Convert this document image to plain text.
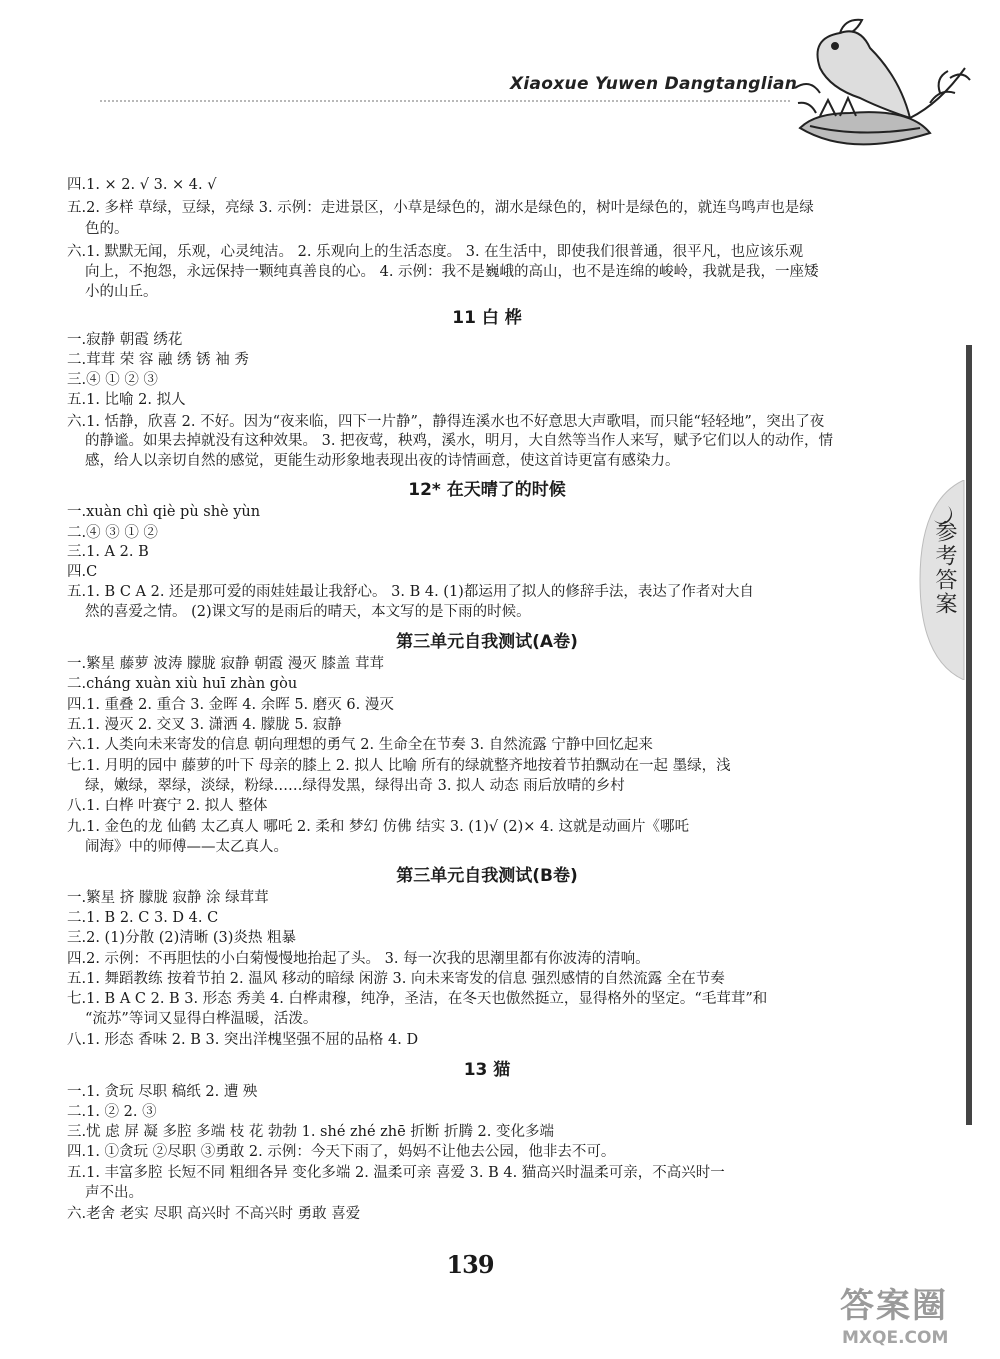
Xiaoxue Yuwen Dangtanglian
参考答案
四.1. × 2. √ 3. × 4. √
五.2. 多样 草绿，豆绿，亮绿 3. 示例：走进景区，小草是绿色的，湖水是绿色的，树叶是绿色的，就连鸟鸣声也是绿
色的。
六.1. 默默无闻，乐观，心灵纯洁。 2. 乐观向上的生活态度。 3. 在生活中，即使我们很普通，很平凡，也应该乐观
向上，不抱怨，永远保持一颗纯真善良的心。 4. 示例：我不是巍峨的高山，也不是连绵的峻岭，我就是我，一座矮
小的山丘。
11 白 桦
一.寂静 朝霞 绣花
二.茸茸 荣 容 融 绣 锈 袖 秀
三.④ ① ② ③
五.1. 比喻 2. 拟人
六.1. 恬静，欣喜 2. 不好。因为“夜来临，四下一片静”，静得连溪水也不好意思大声歌唱，而只能“轻轻地”，突出了夜
的静谧。如果去掉就没有这种效果。 3. 把夜莺，秧鸡，溪水，明月，大自然等当作人来写，赋予它们以人的动作，情
感，给人以亲切自然的感觉，更能生动形象地表现出夜的诗情画意，使这首诗更富有感染力。
12* 在天晴了的时候
一.xuàn chì qiè pù shè yùn
二.④ ③ ① ②
三.1. A 2. B
四.C
五.1. B C A 2. 还是那可爱的雨娃娃最让我舒心。 3. B 4. (1)都运用了拟人的修辞手法，表达了作者对大自
然的喜爱之情。 (2)课文写的是雨后的晴天，本文写的是下雨的时候。
第三单元自我测试(A卷)
一.繁星 藤萝 波涛 朦胧 寂静 朝霞 漫灭 膝盖 茸茸
二.cháng xuàn xiù huī zhàn gòu
四.1. 重叠 2. 重合 3. 金晖 4. 余晖 5. 磨灭 6. 漫灭
五.1. 漫灭 2. 交叉 3. 潇洒 4. 朦胧 5. 寂静
六.1. 人类向未来寄发的信息 朝向理想的勇气 2. 生命全在节奏 3. 自然流露 宁静中回忆起来
七.1. 月明的园中 藤萝的叶下 母亲的膝上 2. 拟人 比喻 所有的绿就整齐地按着节拍飘动在一起 墨绿，浅
绿，嫩绿，翠绿，淡绿，粉绿……绿得发黑，绿得出奇 3. 拟人 动态 雨后放晴的乡村
八.1. 白桦 叶赛宁 2. 拟人 整体
九.1. 金色的龙 仙鹤 太乙真人 哪吒 2. 柔和 梦幻 仿佛 结实 3. (1)√ (2)× 4. 这就是动画片《哪吒
闹海》中的师傅——太乙真人。
第三单元自我测试(B卷)
一.繁星 挤 朦胧 寂静 涂 绿茸茸
二.1. B 2. C 3. D 4. C
三.2. (1)分散 (2)清晰 (3)炎热 粗暴
四.2. 示例：不再胆怯的小白菊慢慢地抬起了头。 3. 每一次我的思潮里都有你波涛的清响。
五.1. 舞蹈教练 按着节拍 2. 温风 移动的暗绿 闲游 3. 向未来寄发的信息 强烈感情的自然流露 全在节奏
七.1. B A C 2. B 3. 形态 秀美 4. 白桦肃穆，纯净，圣洁，在冬天也傲然挺立，显得格外的坚定。“毛茸茸”和
“流苏”等词又显得白桦温暖，活泼。
八.1. 形态 香味 2. B 3. 突出洋槐坚强不屈的品格 4. D
13 猫
一.1. 贪玩 尽职 稿纸 2. 遭 殃
二.1. ② 2. ③
三.忧 虑 屏 凝 多腔 多端 枝 花 勃勃 1. shé zhé zhē 折断 折腾 2. 变化多端
四.1. ①贪玩 ②尽职 ③勇敢 2. 示例：今天下雨了，妈妈不让他去公园，他非去不可。
五.1. 丰富多腔 长短不同 粗细各异 变化多端 2. 温柔可亲 喜爱 3. B 4. 猫高兴时温柔可亲，不高兴时一
声不出。
六.老舍 老实 尽职 高兴时 不高兴时 勇敢 喜爱
139
答案圈
MXQE.COM
